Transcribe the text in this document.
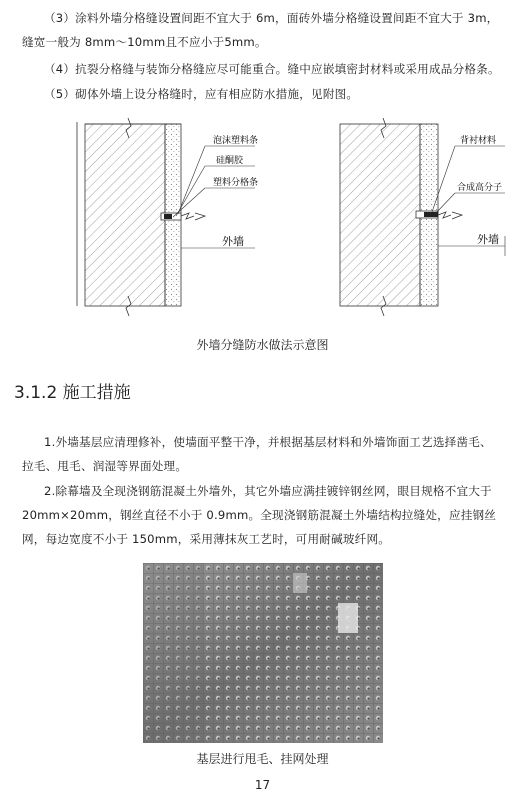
（3）涂料外墙分格缝设置间距不宜大于 6m，面砖外墙分格缝设置间距不宜大于 3m，缝宽一般为 8mm～10mm且不应小于5mm。

（4）抗裂分格缝与装饰分格缝应尽可能重合。缝中应嵌填密封材料或采用成品分格条。

（5）砌体外墙上设分格缝时，应有相应防水措施，见附图。

泡沫塑料条
硅酮胶
塑料分格条
外墙
背衬材料
合成高分子
外墙
外墙分缝防水做法示意图
3.1.2 施工措施

1.外墙基层应清理修补，使墙面平整干净，并根据基层材料和外墙饰面工艺选择凿毛、拉毛、甩毛、润湿等界面处理。

2.除幕墙及全现浇钢筋混凝土外墙外，其它外墙应满挂镀锌钢丝网，眼目规格不宜大于20mm×20mm，钢丝直径不小于 0.9mm。全现浇钢筋混凝土外墙结构拉缝处，应挂钢丝网，每边宽度不小于 150mm，采用薄抹灰工艺时，可用耐碱玻纤网。

基层进行甩毛、挂网处理
17
